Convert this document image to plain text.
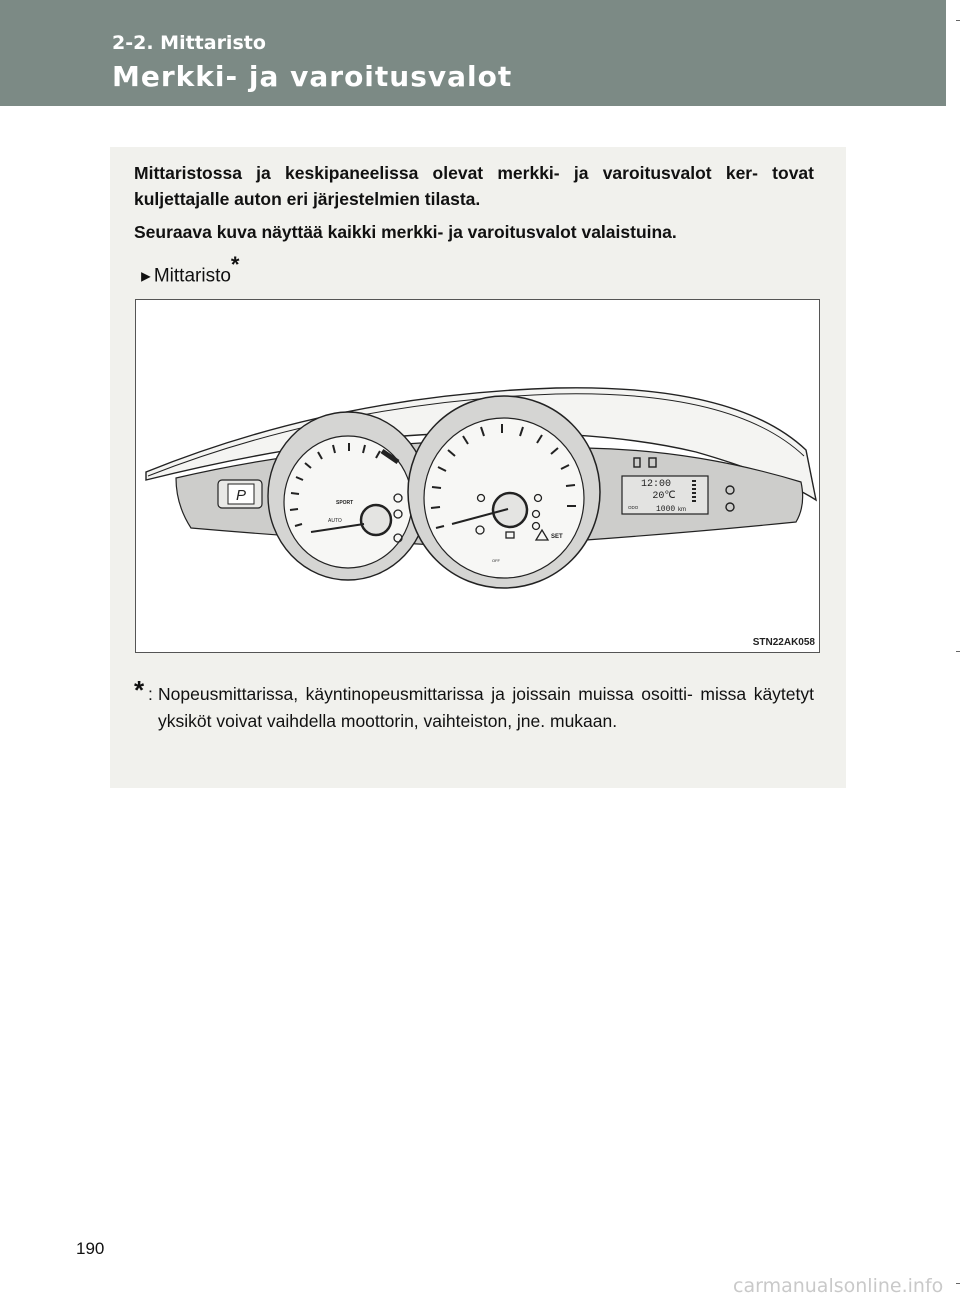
2-2. Mittaristo
Merkki- ja varoitusvalot

Mittaristossa ja keskipaneelissa olevat merkki- ja varoitusvalot ker- tovat kuljettajalle auton eri järjestelmien tilasta.

Seuraava kuva näyttää kaikki merkki- ja varoitusvalot valaistuina.

►Mittaristo*
P	SPORT
AUTO
SET
OFF
12:00
20℃
ODO 1000 km
STN22AK058
* : Nopeusmittarissa, käyntinopeusmittarissa ja joissain muissa osoitti- missa käytetyt yksiköt voivat vaihdella moottorin, vaihteiston, jne. mukaan.
190
carmanualsonline.info
